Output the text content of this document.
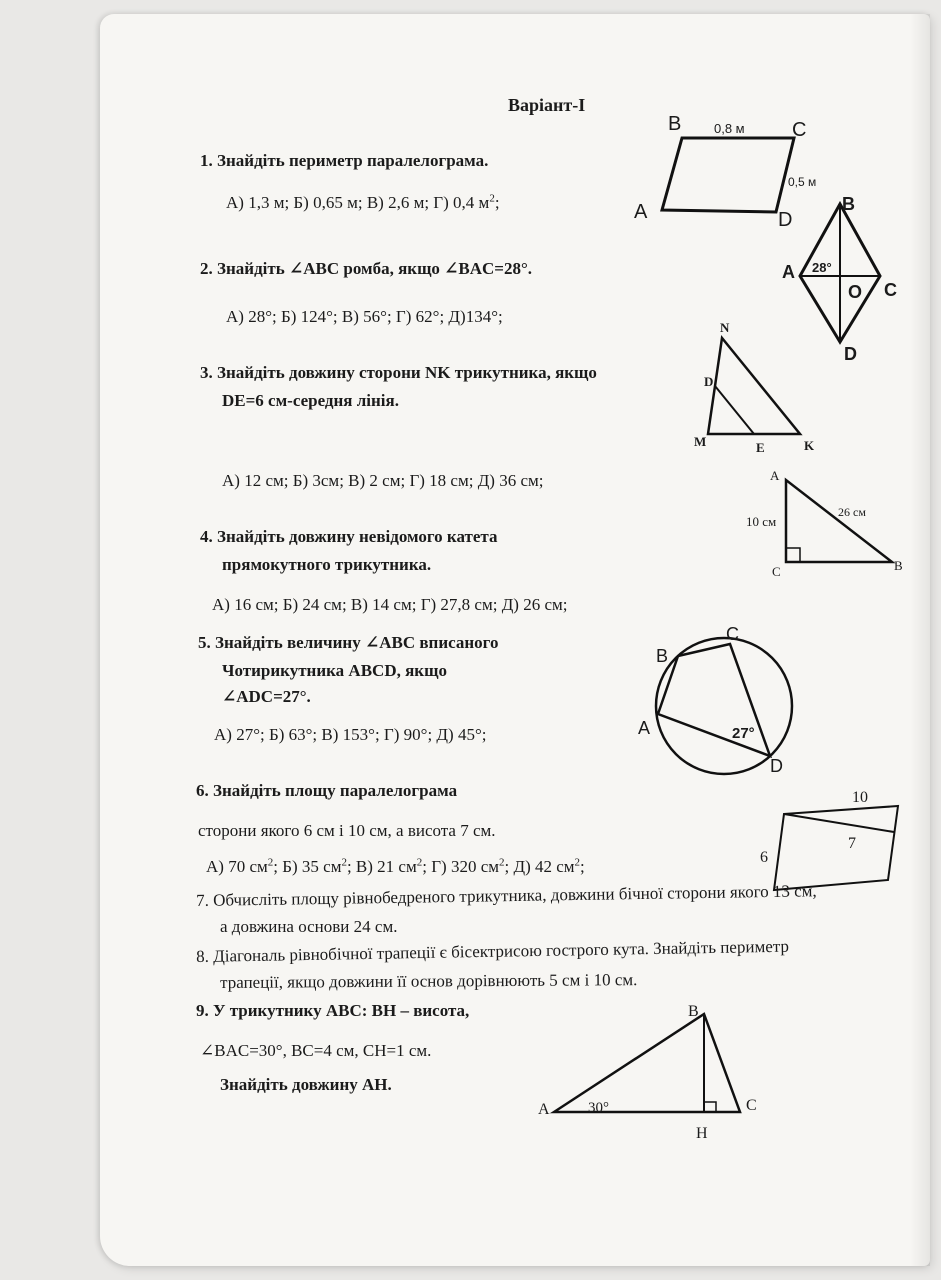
Варіант-І
1. Знайдіть периметр паралелограма.
А) 1,3 м; Б) 0,65 м; В) 2,6 м; Г) 0,4 $м^2$;
B	C
A	D
0,8 м
0,5 м
2. Знайдіть ∠ABC ромба, якщо ∠BAC=28°.
А) 28°; Б) 124°; В) 56°; Г) 62°; Д)134°;
B
A
C
D
O
28°
3. Знайдіть довжину сторони NK трикутника, якщо
DE=6 см-середня лінія.
А) 12 см; Б) 3см; В) 2 см; Г) 18 см; Д) 36 см;
N
D
M	E	K
4. Знайдіть довжину невідомого катета
прямокутного трикутника.
А) 16 см; Б) 24 см; В) 14 см; Г) 27,8 см; Д) 26 см;
A
C	B
10 см
26 см
5. Знайдіть величину ∠ABC вписаного
Чотирикутника ABCD, якщо
∠ADC=27°.
А) 27°; Б) 63°; В) 153°; Г) 90°; Д) 45°;
C
B
A
D
27°
6. Знайдіть площу паралелограма
сторони якого 6 см і 10 см, а висота 7 см.
А) 70 $см^2$; Б) 35 $см^2$; В) 21 $см^2$; Г) 320 $см^2$; Д) 42 $см^2$;
10
6
7
7. Обчисліть площу рівнобедреного трикутника, довжини бічної сторони якого 13 см,
а довжина основи 24 см.
8. Діагональ рівнобічної трапеції є бісектрисою гострого кута. Знайдіть периметр
трапеції, якщо довжини її основ дорівнюють 5 см і 10 см.
9. У трикутнику ABC: BH – висота,
∠BAC=30°, BC=4 см, CH=1 см.
Знайдіть довжину AH.
B
A	C
H
30°
